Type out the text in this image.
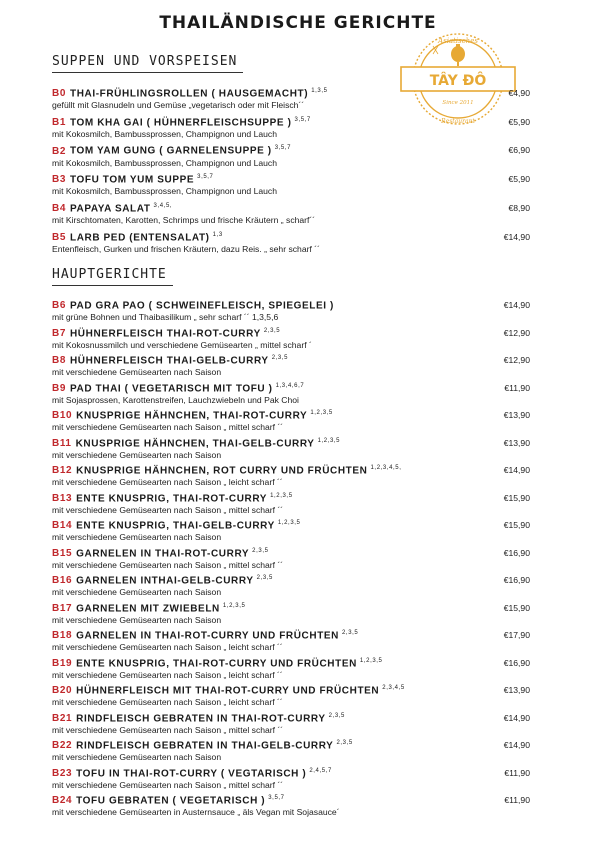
THAILÄNDISCHE GERICHTE
TÂY ĐÔ
Asiatisches
Restaurant
Since 2011
SUPPEN UND VORSPEISEN
B0 THAI-FRÜHLINGSROLLEN ( HAUSGEMACHT) $^{1,3,5}$
gefüllt mit Glasnudeln und Gemüse „vegetarisch oder mit Fleisch´´
€4,90
B1 TOM KHA GAI ( HÜHNERFLEISCHSUPPE ) $^{3,5,7}$
mit Kokosmilch, Bambussprossen, Champignon und Lauch
€5,90
B2 TOM YAM GUNG ( GARNELENSUPPE ) $^{3,5,7}$
mit Kokosmilch, Bambussprossen, Champignon und Lauch
€6,90
B3 TOFU TOM YUM SUPPE $^{3,5,7}$
mit Kokosmilch, Bambussprossen, Champignon und Lauch
€5,90
B4 PAPAYA SALAT $^{3,4,5,}$
mit Kirschtomaten, Karotten, Schrimps und frische Kräutern „ scharf´´
€8,90
B5 LARB PED (ENTENSALAT) $^{1,3}$
Entenfleisch, Gurken und frischen Kräutern, dazu Reis. „ sehr scharf ´´
€14,90
HAUPTGERICHTE
B6 PAD GRA PAO ( SCHWEINEFLEISCH, SPIEGELEI )
mit grüne Bohnen und Thaibasilikum „ sehr scharf ´´ 1,3,5,6
€14,90
B7 HÜHNERFLEISCH THAI-ROT-CURRY $^{2,3,5}$
mit Kokosnussmilch und verschiedene Gemüsearten „ mittel scharf ´
€12,90
B8 HÜHNERFLEISCH THAI-GELB-CURRY $^{2,3,5}$
mit verschiedene Gemüsearten nach Saison
€12,90
B9 PAD THAI ( VEGETARISCH MIT TOFU ) $^{1,3,4,6,7}$
mit Sojasprossen, Karottenstreifen, Lauchzwiebeln und Pak Choi
€11,90
B10 KNUSPRIGE HÄHNCHEN, THAI-ROT-CURRY $^{1,2,3,5}$
mit verschiedene Gemüsearten nach Saison „ mittel scharf ´´
€13,90
B11 KNUSPRIGE HÄHNCHEN, THAI-GELB-CURRY $^{1,2,3,5}$
mit verschiedene Gemüsearten nach Saison
€13,90
B12 KNUSPRIGE HÄHNCHEN, ROT CURRY UND FRÜCHTEN $^{1,2,3,4,5,}$
mit verschiedene Gemüsearten nach Saison „ leicht scharf ´´
€14,90
B13 ENTE KNUSPRIG, THAI-ROT-CURRY $^{1,2,3,5}$
mit verschiedene Gemüsearten nach Saison „ mittel scharf ´´
€15,90
B14 ENTE KNUSPRIG, THAI-GELB-CURRY $^{1,2,3,5}$
mit verschiedene Gemüsearten nach Saison
€15,90
B15 GARNELEN IN THAI-ROT-CURRY $^{2,3,5}$
mit verschiedene Gemüsearten nach Saison „ mittel scharf ´´
€16,90
B16 GARNELEN INTHAI-GELB-CURRY $^{2,3,5}$
mit verschiedene Gemüsearten nach Saison
€16,90
B17 GARNELEN MIT ZWIEBELN $^{1,2,3,5}$
mit verschiedene Gemüsearten nach Saison
€15,90
B18 GARNELEN IN THAI-ROT-CURRY UND FRÜCHTEN $^{2,3,5}$
mit verschiedene Gemüsearten nach Saison „ leicht scharf ´´
€17,90
B19 ENTE KNUSPRIG, THAI-ROT-CURRY UND FRÜCHTEN $^{1,2,3,5}$
mit verschiedene Gemüsearten nach Saison „ leicht scharf ´´
€16,90
B20 HÜHNERFLEISCH MIT THAI-ROT-CURRY UND FRÜCHTEN $^{2,3,4,5}$
mit verschiedene Gemüsearten nach Saison „ leicht scharf ´´
€13,90
B21 RINDFLEISCH GEBRATEN IN THAI-ROT-CURRY $^{2,3,5}$
mit verschiedene Gemüsearten nach Saison „ mittel scharf ´´
€14,90
B22 RINDFLEISCH GEBRATEN IN THAI-GELB-CURRY $^{2,3,5}$
mit verschiedene Gemüsearten nach Saison
€14,90
B23 TOFU IN THAI-ROT-CURRY ( VEGTARISCH ) $^{2,4,5,7}$
mit verschiedene Gemüsearten nach Saison „ mittel scharf ´´
€11,90
B24 TOFU GEBRATEN ( VEGETARISCH ) $^{3,5,7}$
mit verschiedene Gemüsearten in Austernsauce „ äls Vegan mit Sojasauce´
€11,90
